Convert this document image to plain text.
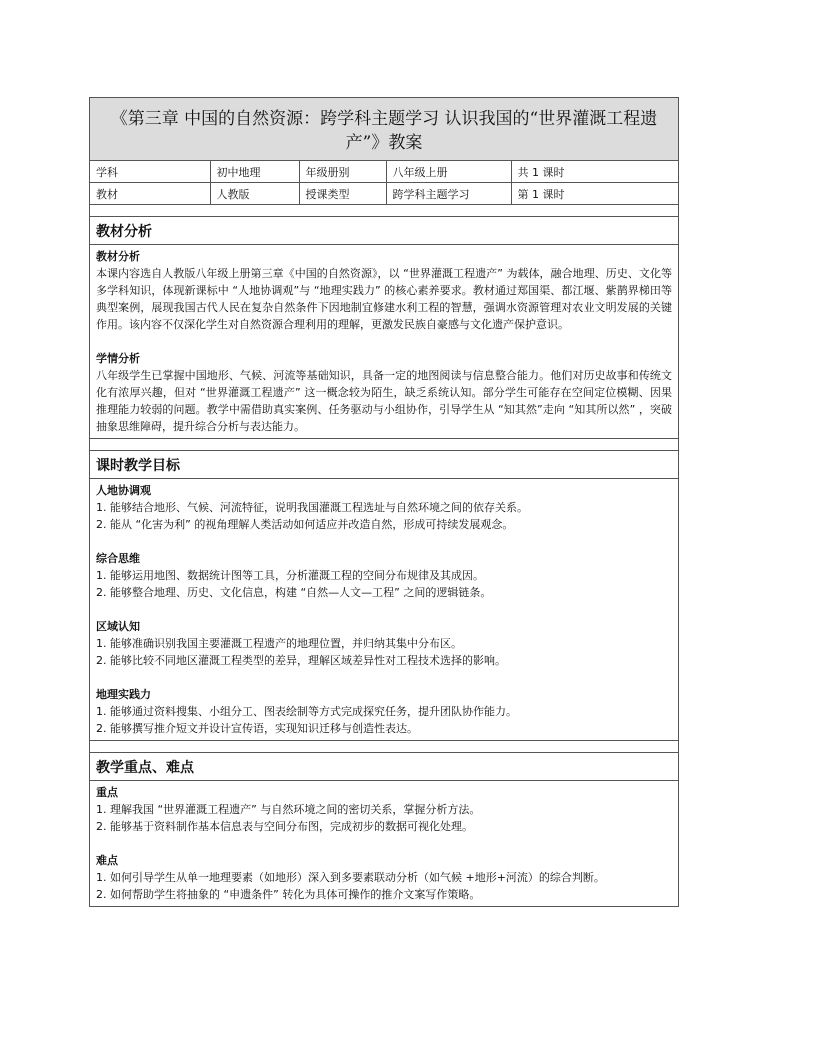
《第三章 中国的自然资源：跨学科主题学习 认识我国的“世界灌溉工程遗产”》教案
学科	初中地理	年级册别	八年级上册	共 1 课时
教材	人教版	授课类型	跨学科主题学习	第 1 课时
教材分析
教材分析
本课内容选自人教版八年级上册第三章《中国的自然资源》，以 “世界灌溉工程遗产” 为载体，融合地理、历史、文化等多学科知识，体现新课标中 “人地协调观”与 “地理实践力” 的核心素养要求。教材通过郑国渠、都江堰、紫鹊界梯田等典型案例，展现我国古代人民在复杂自然条件下因地制宜修建水利工程的智慧，强调水资源管理对农业文明发展的关键作用。该内容不仅深化学生对自然资源合理利用的理解，更激发民族自豪感与文化遗产保护意识。
学情分析
八年级学生已掌握中国地形、气候、河流等基础知识，具备一定的地图阅读与信息整合能力。他们对历史故事和传统文化有浓厚兴趣，但对 “世界灌溉工程遗产” 这一概念较为陌生，缺乏系统认知。部分学生可能存在空间定位模糊、因果推理能力较弱的问题。教学中需借助真实案例、任务驱动与小组协作，引导学生从 “知其然”走向 “知其所以然” ，突破抽象思维障碍，提升综合分析与表达能力。
课时教学目标
人地协调观
1. 能够结合地形、气候、河流特征，说明我国灌溉工程选址与自然环境之间的依存关系。
2. 能从 “化害为利” 的视角理解人类活动如何适应并改造自然，形成可持续发展观念。
综合思维
1. 能够运用地图、数据统计图等工具，分析灌溉工程的空间分布规律及其成因。
2. 能够整合地理、历史、文化信息，构建 “自然—人文—工程” 之间的逻辑链条。
区域认知
1. 能够准确识别我国主要灌溉工程遗产的地理位置，并归纳其集中分布区。
2. 能够比较不同地区灌溉工程类型的差异，理解区域差异性对工程技术选择的影响。
地理实践力
1. 能够通过资料搜集、小组分工、图表绘制等方式完成探究任务，提升团队协作能力。
2. 能够撰写推介短文并设计宣传语，实现知识迁移与创造性表达。
教学重点、难点
重点
1. 理解我国 “世界灌溉工程遗产” 与自然环境之间的密切关系，掌握分析方法。
2. 能够基于资料制作基本信息表与空间分布图，完成初步的数据可视化处理。
难点
1. 如何引导学生从单一地理要素（如地形）深入到多要素联动分析（如气候 +地形+河流）的综合判断。
2. 如何帮助学生将抽象的 “申遗条件” 转化为具体可操作的推介文案写作策略。
